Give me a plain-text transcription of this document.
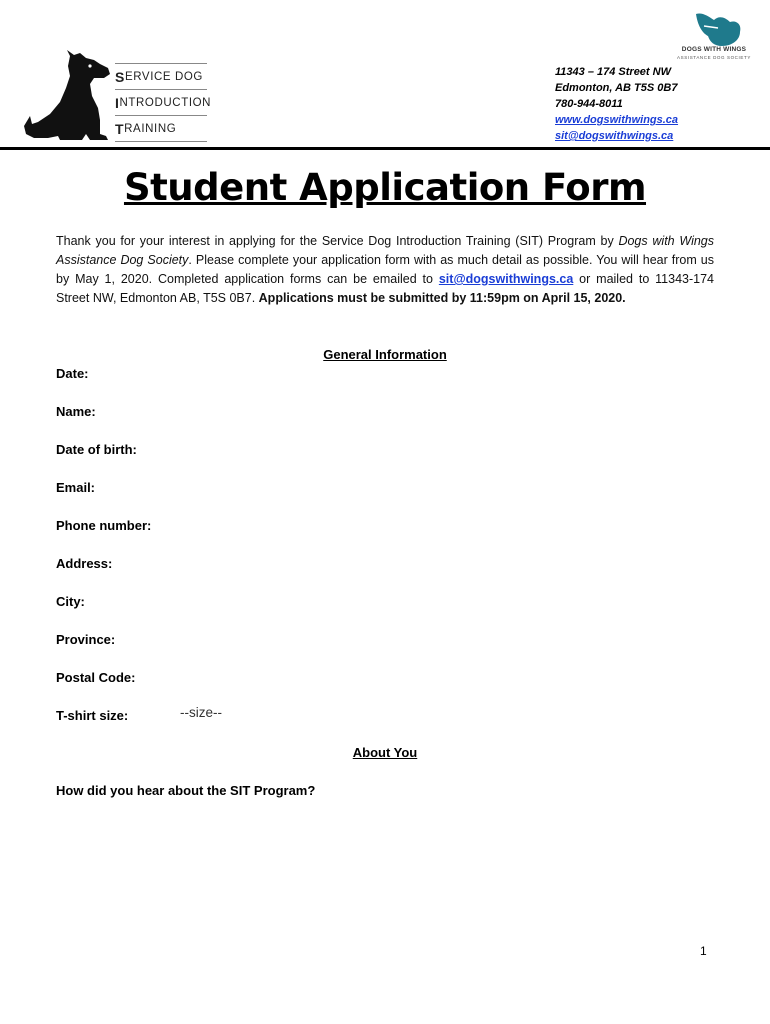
S ERVICE DOG
I NTRODUCTION
T RAINING
DOGS WITH WINGS
ASSISTANCE DOG SOCIETY
11343 – 174 Street NW
Edmonton, AB T5S 0B7
780-944-8011
www.dogswithwings.ca
sit@dogswithwings.ca
Student Application Form
Thank you for your interest in applying for the Service Dog Introduction Training (SIT) Program by Dogs with Wings Assistance Dog Society. Please complete your application form with as much detail as possible. You will hear from us by May 1, 2020. Completed application forms can be emailed to sit@dogswithwings.ca or mailed to 11343-174 Street NW, Edmonton AB, T5S 0B7. Applications must be submitted by 11:59pm on April 15, 2020.
General Information
Date:
Name:
Date of birth:
Email:
Phone number:
Address:
City:
Province:
Postal Code:
T-shirt size:	--size--
About You
How did you hear about the SIT Program?
1
